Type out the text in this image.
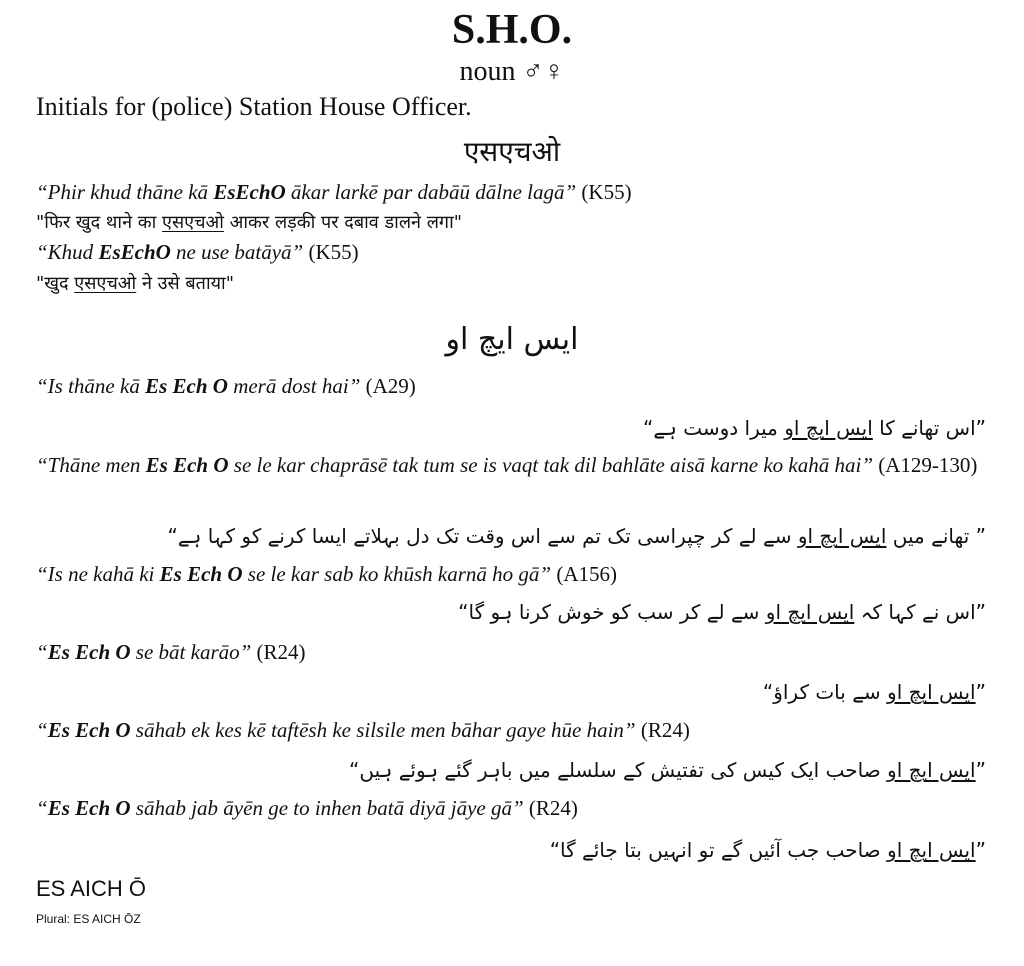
S.H.O.
noun ♂♀
Initials for (police) Station House Officer.
एसएचओ
“Phir khud thāne kā EsEchO ākar larkē par dabāū dālne lagā” (K55)
"फिर खुद थाने का एसएचओ आकर लड़की पर दबाव डालने लगा"
“Khud EsEchO ne use batāyā” (K55)
"खुद एसएचओ ने उसे बताया"
ایس ایچ او
“Is thāne kā Es Ech O merā dost hai” (A29)
”اس تھانے کا ایس ایچ او میرا دوست ہے“
“Thāne men Es Ech O se le kar chaprāsē tak tum se is vaqt tak dil bahlāte aisā karne ko kahā hai” (A129-130)
” تھانے میں ایس ایچ او سے لے کر چپراسی تک تم سے اس وقت تک دل بہلاتے ایسا کرنے کو کہا ہے“
“Is ne kahā ki Es Ech O se le kar sab ko khūsh karnā ho gā” (A156)
”اس نے کہا کہ ایس ایچ او سے لے کر سب کو خوش کرنا ہو گا“
“Es Ech O se bāt karāo” (R24)
”ایس ایچ او سے بات کراؤ“
“Es Ech O sāhab ek kes kē taftēsh ke silsile men bāhar gaye hūe hain” (R24)
”ایس ایچ او صاحب ایک کیس کی تفتیش کے سلسلے میں باہر گئے ہوئے ہیں“
“Es Ech O sāhab jab āyēn ge to inhen batā diyā jāye gā” (R24)
”ایس ایچ او صاحب جب آئیں گے تو انہیں بتا جائے گا“
ES AICH Ō
Plural: ES AICH ŌZ
